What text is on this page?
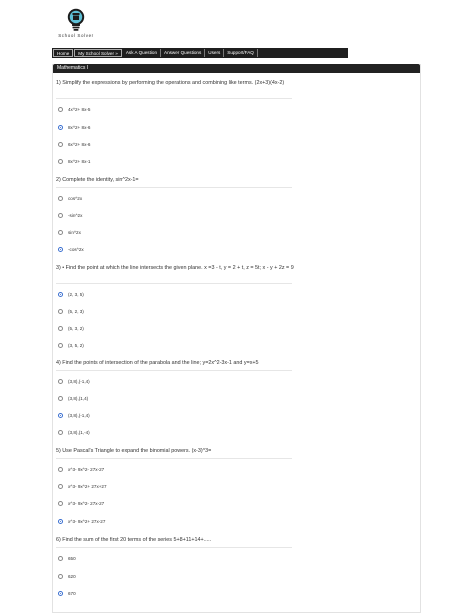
School Solver
Home	My School Solver »	Ask A Question	Answer Questions	Users	Support/FAQ
Mathematics I
1) Simplify the expressions by performing the operations and combining like terms. (2x+3)(4x-2)
4x^2+ 8x-5
8x^2+ 8x-6
6x^2+ 8x-6
8x^2+ 8x-1
2) Complete the identity, sin^2x-1=
cos^2x
-sin^2x
sin^2x
-cos^2x
3) • Find the point at which the line intersects the given plane. x =3 - t, y = 2 + t, z = 5t; x - y + 2z = 9
(2, 3, 5)
(5, 2, 3)
(5, 3, 2)
(3, 5, 2)
4) Find the points of intersection of the parabola and the line; y=2x^2-3x-1 and y=x+5
(3,8),(-1,4)
(3,8),(1,4)
(3,8),(-1,4)
(3,8),(1,-4)
5) Use Pascal's Triangle to expand the binomial powers. (x-3)^3=
x^3- 9x^2- 27x-27
x^3- 9x^2+ 27x+27
x^3- 9x^2- 27x-27
x^3- 9x^2+ 27x-27
6) Find the sum of the first 20 terms of the series 5+8+11+14+.....
650
620
670
